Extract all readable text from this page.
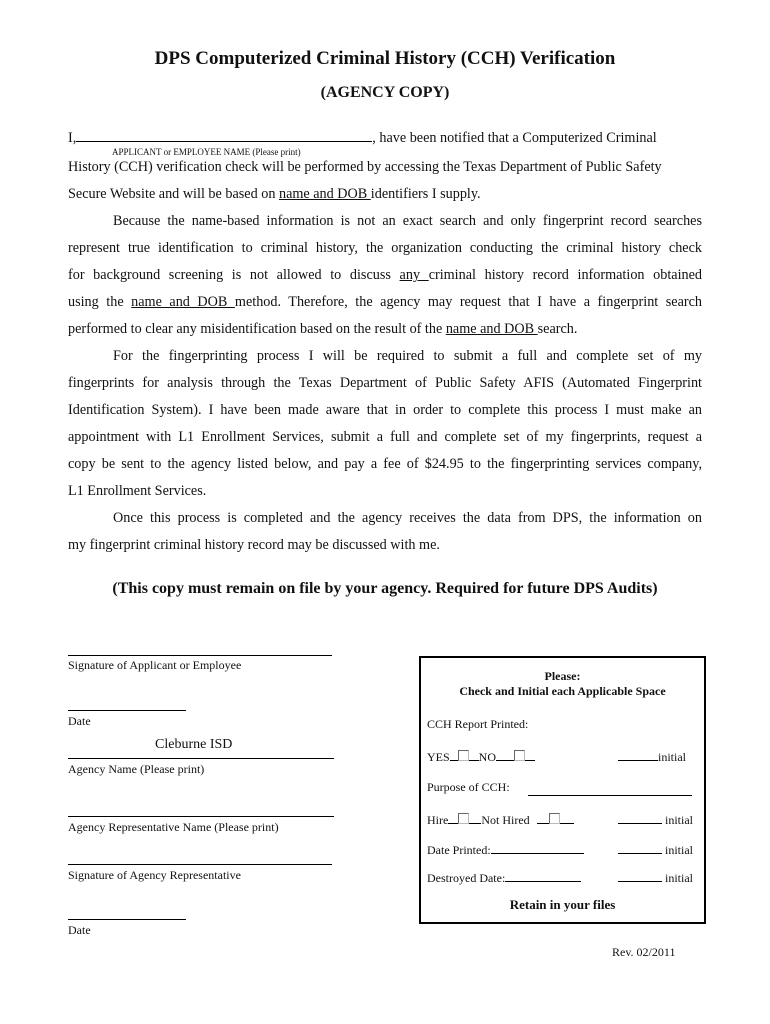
DPS Computerized Criminal History (CCH) Verification
(AGENCY COPY)
I,	, have been notified that a Computerized Criminal
APPLICANT or EMPLOYEE NAME (Please print)
History (CCH) verification check will be performed by accessing the Texas Department of Public Safety
Secure Website and will be based on name and DOB identifiers I supply.
Because the name-based information is not an exact search and only fingerprint record searches
represent true identification to criminal history, the organization conducting the criminal history check
for background screening is not allowed to discuss any criminal history record information obtained
using the name and DOB method. Therefore, the agency may request that I have a fingerprint search
performed to clear any misidentification based on the result of the name and DOB search.
For the fingerprinting process I will be required to submit a full and complete set of my
fingerprints for analysis through the Texas Department of Public Safety AFIS (Automated Fingerprint
Identification System). I have been made aware that in order to complete this process I must make an
appointment with L1 Enrollment Services, submit a full and complete set of my fingerprints, request a
copy be sent to the agency listed below, and pay a fee of $24.95 to the fingerprinting services company,
L1 Enrollment Services.
Once this process is completed and the agency receives the data from DPS, the information on
my fingerprint criminal history record may be discussed with me.
(This copy must remain on file by your agency. Required for future DPS Audits)
Signature of Applicant or Employee
Date
Cleburne ISD
Agency Name (Please print)
Agency Representative Name (Please print)
Signature of Agency Representative
Date
Please:
Check and Initial each Applicable Space
CCH Report Printed:
YES NO	initial
Purpose of CCH:
Hire	Not Hired	initial
Date Printed:	initial
Destroyed Date:	initial
Retain in your files
Rev. 02/2011
